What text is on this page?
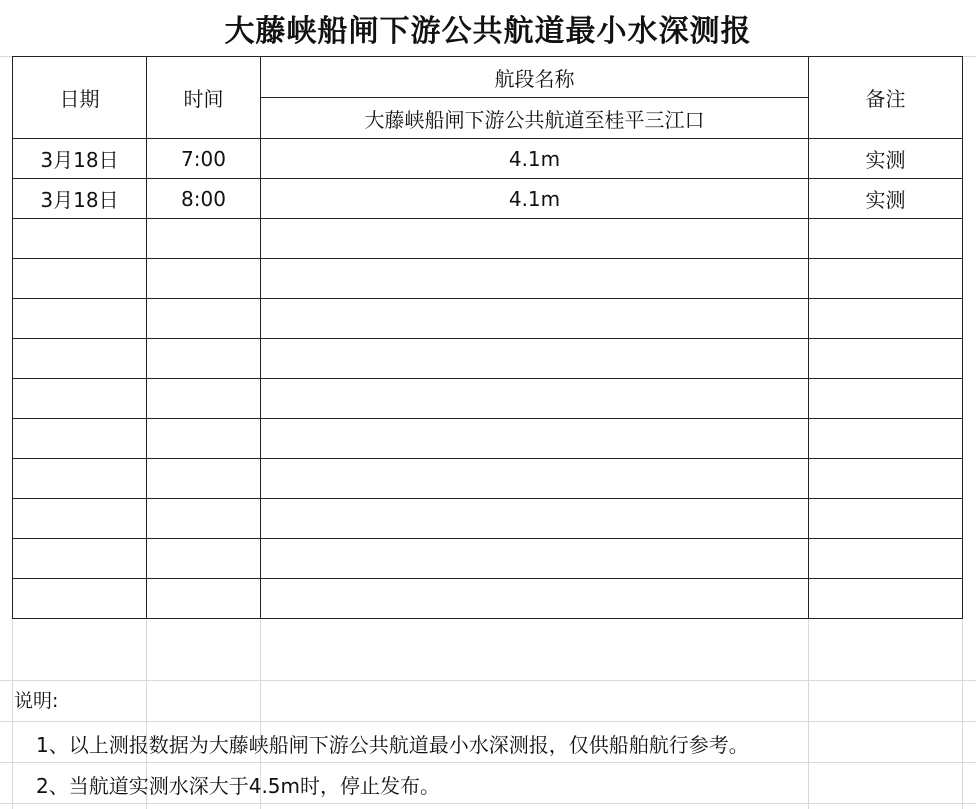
大藤峡船闸下游公共航道最小水深测报
日期	时间	航段名称	备注
		大藤峡船闸下游公共航道至桂平三江口	
3月18日	7:00	4.1m	实测
3月18日	8:00	4.1m	实测

说明:
1、以上测报数据为大藤峡船闸下游公共航道最小水深测报，仅供船舶航行参考。
2、当航道实测水深大于4.5m时，停止发布。
